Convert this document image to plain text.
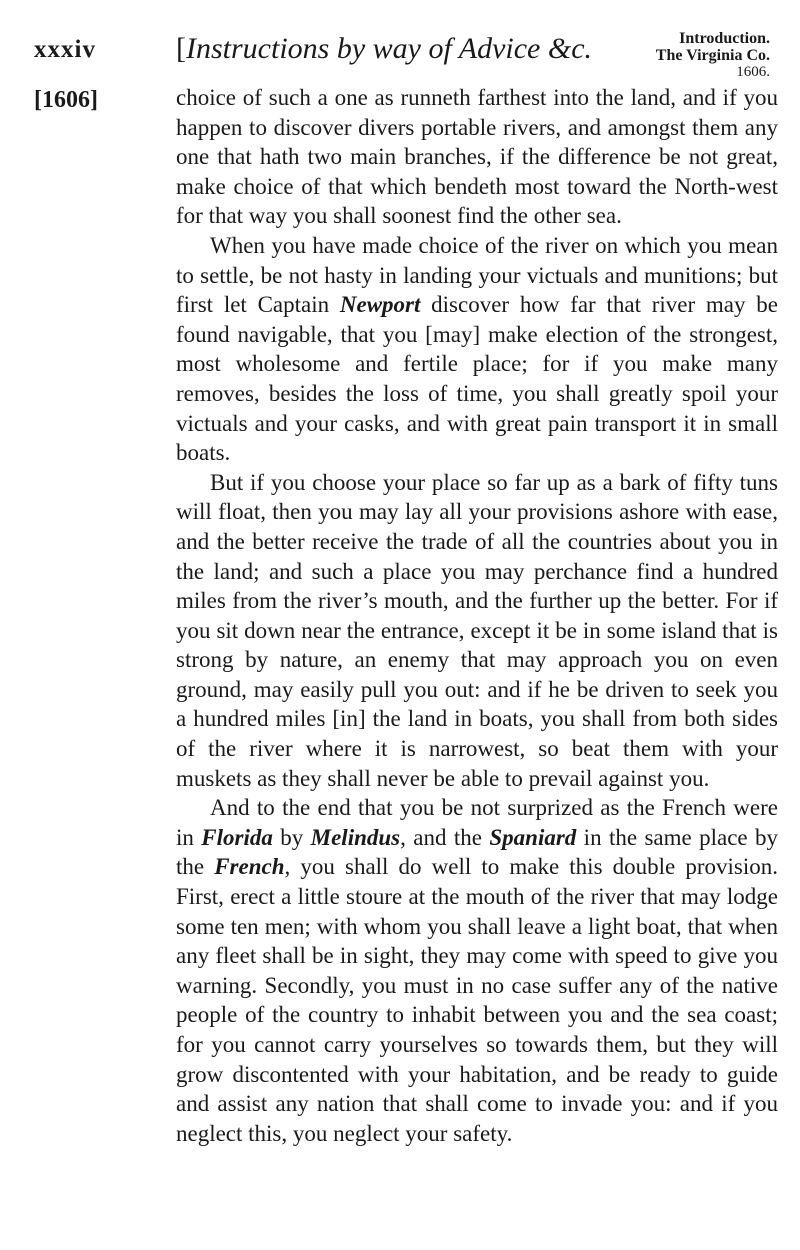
xxxiv	[Instructions by way of Advice &c.	Introduction.
The Virginia Co.
1606.
[1606]	choice of such a one as runneth farthest into the land, and if you happen to discover divers portable rivers, and amongst them any one that hath two main branches, if the difference be not great, make choice of that which bendeth most toward the North-west for that way you shall soonest find the other sea.

When you have made choice of the river on which you mean to settle, be not hasty in landing your victuals and munitions; but first let Captain Newport discover how far that river may be found navigable, that you [may] make election of the strongest, most wholesome and fertile place; for if you make many removes, besides the loss of time, you shall greatly spoil your victuals and your casks, and with great pain transport it in small boats.

But if you choose your place so far up as a bark of fifty tuns will float, then you may lay all your provisions ashore with ease, and the better receive the trade of all the countries about you in the land; and such a place you may perchance find a hundred miles from the river’s mouth, and the further up the better. For if you sit down near the entrance, except it be in some island that is strong by nature, an enemy that may approach you on even ground, may easily pull you out: and if he be driven to seek you a hundred miles [in] the land in boats, you shall from both sides of the river where it is narrowest, so beat them with your muskets as they shall never be able to prevail against you.

And to the end that you be not surprized as the French were in Florida by Melindus, and the Spaniard in the same place by the French, you shall do well to make this double provision. First, erect a little stoure at the mouth of the river that may lodge some ten men; with whom you shall leave a light boat, that when any fleet shall be in sight, they may come with speed to give you warning. Secondly, you must in no case suffer any of the native people of the country to inhabit between you and the sea coast; for you cannot carry yourselves so towards them, but they will grow discontented with your habitation, and be ready to guide and assist any nation that shall come to invade you: and if you neglect this, you neglect your safety.
